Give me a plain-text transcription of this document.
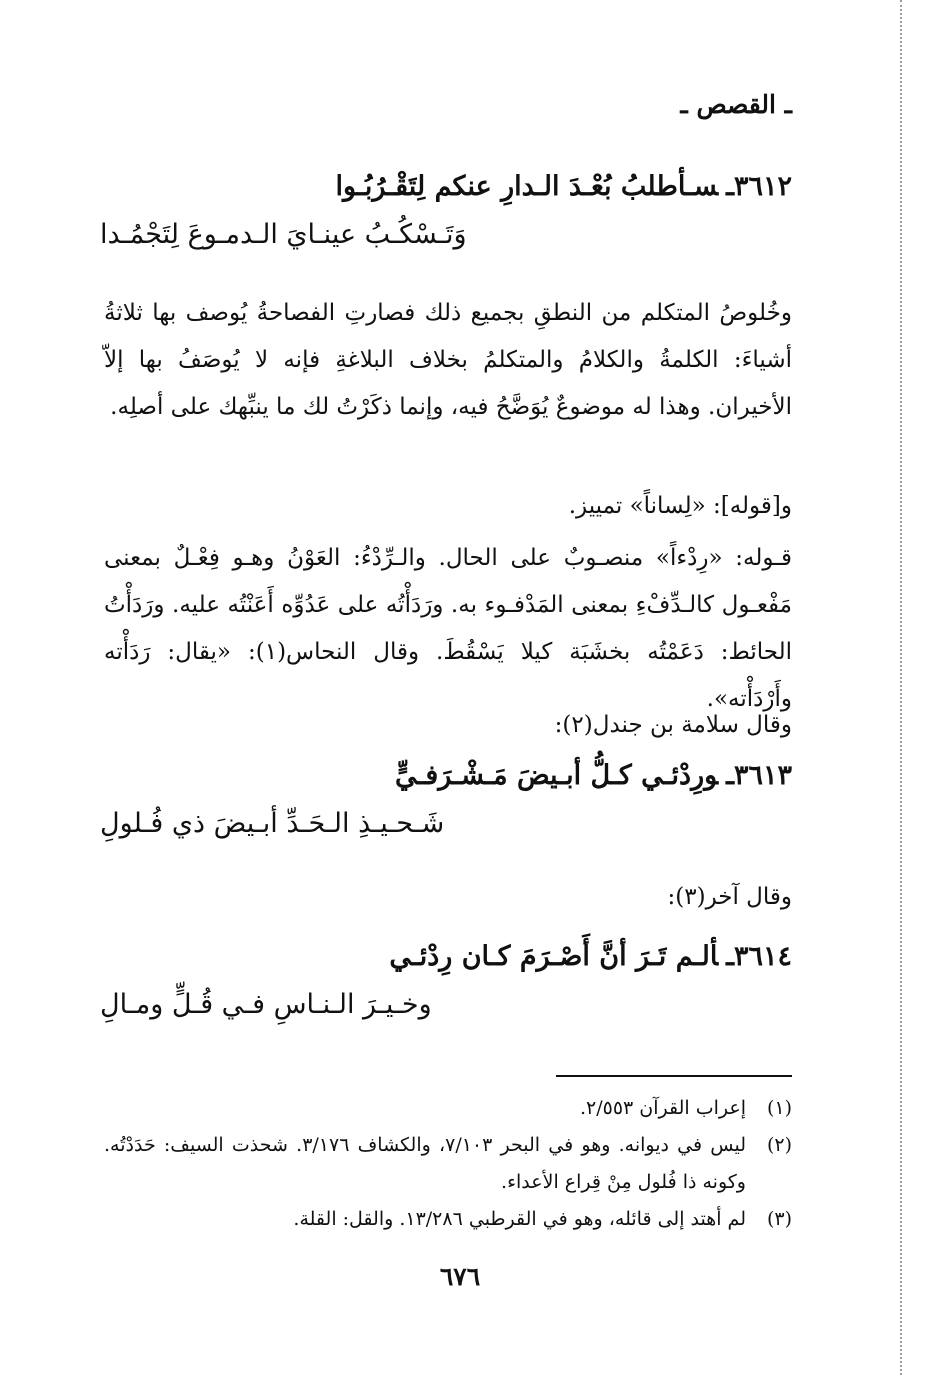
ـ القصص ـ
٣٦١٢ـسـأطلبُ بُعْـدَ الـدارِ عنكم لِتَقْـرُبُـوا
وَتَـسْكُـبُ عينـايَ الـدمـوعَ لِتَجْمُـدا

وخُلوصُ المتكلم من النطقِ بجميع ذلك فصارتِ الفصاحةُ يُوصف بها ثلاثةُ أشياءَ: الكلمةُ والكلامُ والمتكلمُ بخلاف البلاغةِ فإنه لا يُوصَفُ بها إلاّ الأخيران. وهذا له موضوعٌ يُوَضَّحُ فيه، وإنما ذكَرْتُ لك ما ينبِّهك على أصلِه.

و[قوله]: «لِساناً» تمييز.

قـوله: «رِدْءاً» منصـوبٌ على الحال. والـرِّدْءُ: العَوْنُ وهـو فِعْـلٌ بمعنى مَفْعـول كالـدِّفْءِ بمعنى المَدْفـوء به. ورَدَأْتُه على عَدُوِّه أَعَنْتُه عليه. ورَدَأْتُ الحائط: دَعَمْتُه بخشَبَة كيلا يَسْقُطَ. وقال النحاس(١): «يقال: رَدَأْته وأَرْدَأْته».

وقال سلامة بن جندل(٢):
٣٦١٣ـورِدْئـي كـلُّ أبـيضَ مَـشْـرَفـيٍّ
شَـحـيـذِ الـحَـدِّ أبـيضَ ذي فُـلولِ
وقال آخر(٣):
٣٦١٤ـألـم تَـرَ أنَّ أَصْـرَمَ كـان رِدْئـي
وخـيـرَ الـنـاسِ فـي قُـلٍّ ومـالِ
(١)
إعراب القرآن ٢/٥٥٣.
(٢)
ليس في ديوانه. وهو في البحر ٧/١٠٣، والكشاف ٣/١٧٦. شحذت السيف: حَدَدْتُه. وكونه ذا فُلول مِنْ قِراع الأعداء.
(٣)
لم أهتد إلى قائله، وهو في القرطبي ١٣/٢٨٦. والقل: القلة.
٦٧٦
